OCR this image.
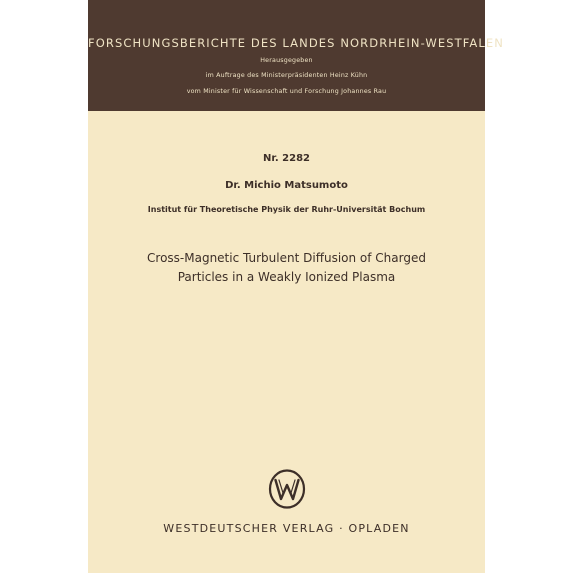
FORSCHUNGSBERICHTE DES LANDES NORDRHEIN-WESTFALEN
Herausgegeben
im Auftrage des Ministerpräsidenten Heinz Kühn
vom Minister für Wissenschaft und Forschung Johannes Rau
Nr. 2282
Dr. Michio Matsumoto
Institut für Theoretische Physik der Ruhr-Universität Bochum
Cross-Magnetic Turbulent Diffusion of Charged
Particles in a Weakly Ionized Plasma
WESTDEUTSCHER VERLAG · OPLADEN
